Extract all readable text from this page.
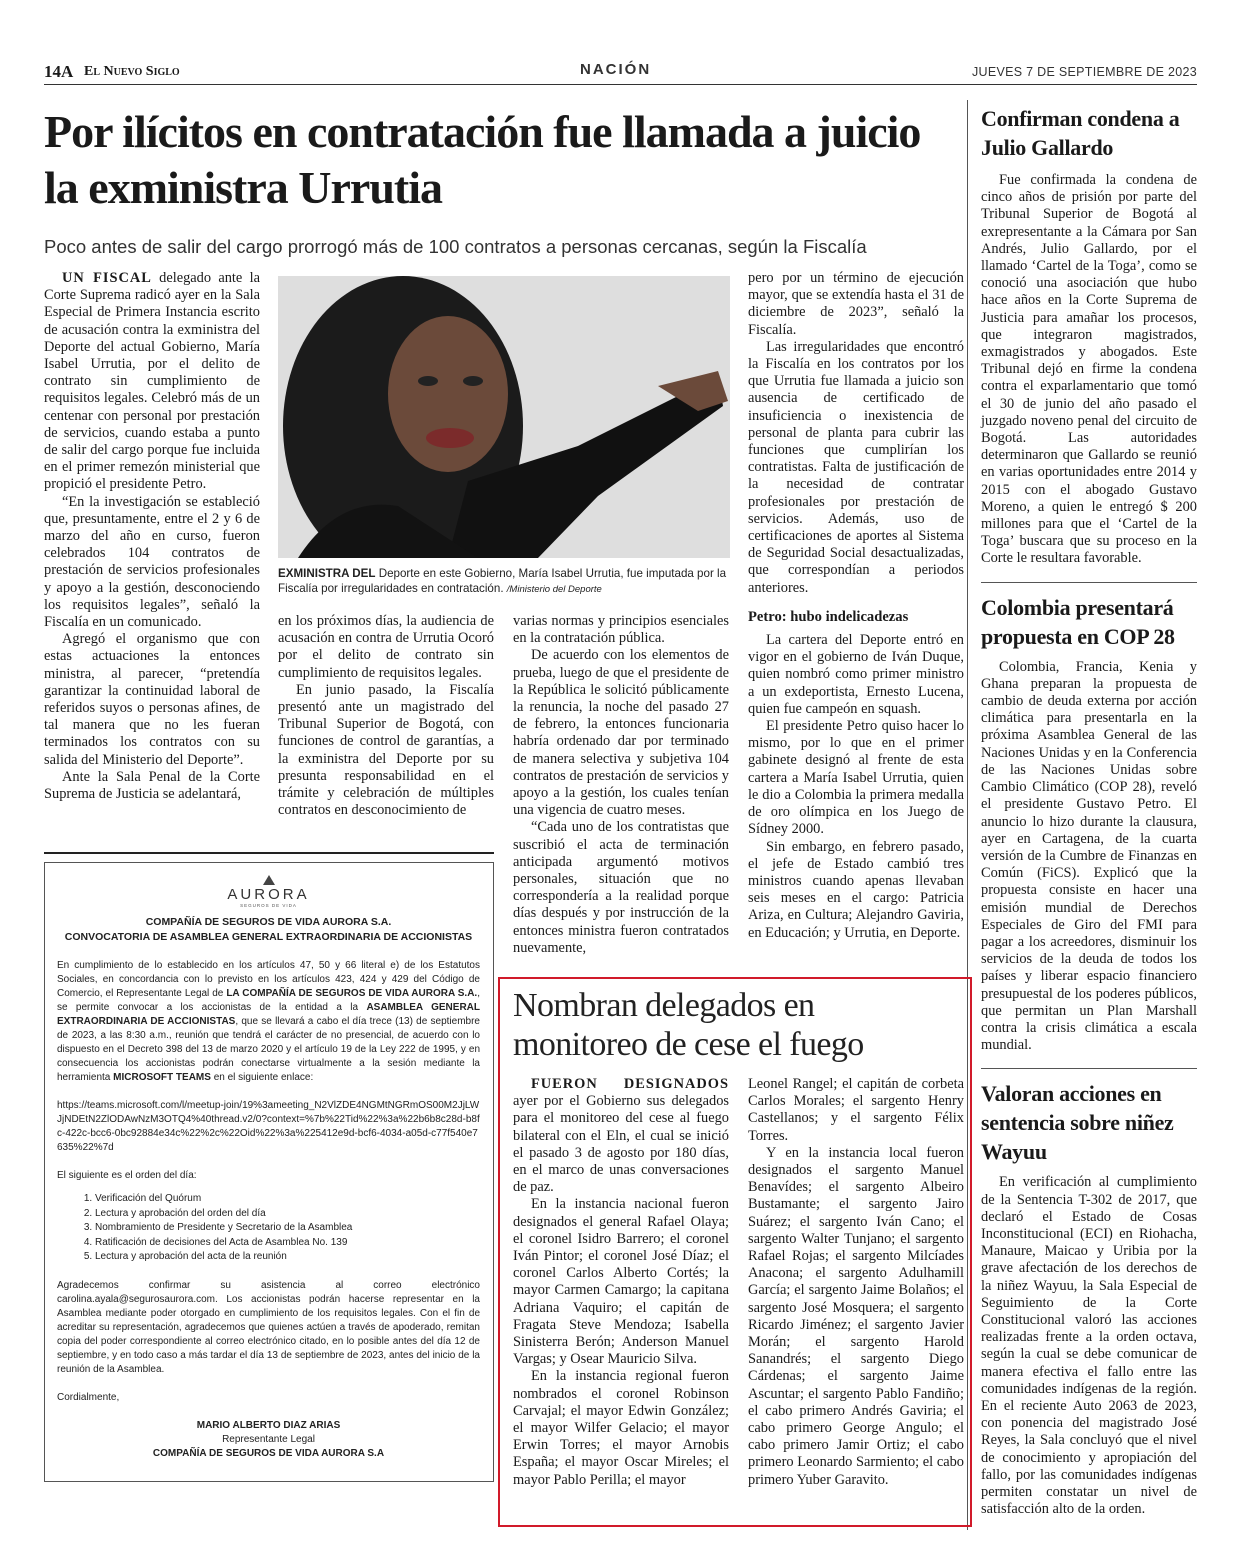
14A El Nuevo Siglo	NACIÓN	JUEVES 7 DE SEPTIEMBRE DE 2023
Por ilícitos en contratación fue llamada a juicio la exministra Urrutia
Poco antes de salir del cargo prorrogó más de 100 contratos a personas cercanas, según la Fiscalía

UN FISCAL delegado ante la Corte Suprema radicó ayer en la Sala Especial de Primera Instancia escrito de acusación contra la exministra del Deporte del actual Gobierno, María Isabel Urrutia, por el delito de contrato sin cumplimiento de requisitos legales. Celebró más de un centenar con personal por prestación de servicios, cuando estaba a punto de salir del cargo porque fue incluida en el primer remezón ministerial que propició el presidente Petro.

“En la investigación se estableció que, presuntamente, entre el 2 y 6 de marzo del año en curso, fueron celebrados 104 contratos de prestación de servicios profesionales y apoyo a la gestión, desconociendo los requisitos legales”, señaló la Fiscalía en un comunicado.

Agregó el organismo que con estas actuaciones la entonces ministra, al parecer, “pretendía garantizar la continuidad laboral de referidos suyos o personas afines, de tal manera que no les fueran terminados los contratos con su salida del Ministerio del Deporte”.

Ante la Sala Penal de la Corte Suprema de Justicia se adelantará,

EXMINISTRA DEL Deporte en este Gobierno, María Isabel Urrutia, fue imputada por la Fiscalía por irregularidades en contratación. /Ministerio del Deporte

en los próximos días, la audiencia de acusación en contra de Urrutia Ocoró por el delito de contrato sin cumplimiento de requisitos legales.

En junio pasado, la Fiscalía presentó ante un magistrado del Tribunal Superior de Bogotá, con funciones de control de garantías, a la exministra del Deporte por su presunta responsabilidad en el trámite y celebración de múltiples contratos en desconocimiento de

varias normas y principios esenciales en la contratación pública.

De acuerdo con los elementos de prueba, luego de que el presidente de la República le solicitó públicamente la renuncia, la noche del pasado 27 de febrero, la entonces funcionaria habría ordenado dar por terminado de manera selectiva y subjetiva 104 contratos de prestación de servicios y apoyo a la gestión, los cuales tenían una vigencia de cuatro meses.

“Cada uno de los contratistas que suscribió el acta de terminación anticipada argumentó motivos personales, situación que no correspondería a la realidad porque días después y por instrucción de la entonces ministra fueron contratados nuevamente,

pero por un término de ejecución mayor, que se extendía hasta el 31 de diciembre de 2023”, señaló la Fiscalía.

Las irregularidades que encontró la Fiscalía en los contratos por los que Urrutia fue llamada a juicio son ausencia de certificado de insuficiencia o inexistencia de personal de planta para cubrir las funciones que cumplirían los contratistas. Falta de justificación de la necesidad de contratar profesionales por prestación de servicios. Además, uso de certificaciones de aportes al Sistema de Seguridad Social desactualizadas, que correspondían a periodos anteriores.

Petro: hubo indelicadezas

La cartera del Deporte entró en vigor en el gobierno de Iván Duque, quien nombró como primer ministro a un exdeportista, Ernesto Lucena, quien fue campeón en squash.

El presidente Petro quiso hacer lo mismo, por lo que en el primer gabinete designó al frente de esta cartera a María Isabel Urrutia, quien le dio a Colombia la primera medalla de oro olímpica en los Juego de Sídney 2000.

Sin embargo, en febrero pasado, el jefe de Estado cambió tres ministros cuando apenas llevaban seis meses en el cargo: Patricia Ariza, en Cultura; Alejandro Gaviria, en Educación; y Urrutia, en Deporte.

AURORA
SEGUROS DE VIDA
COMPAÑÍA DE SEGUROS DE VIDA AURORA S.A.
CONVOCATORIA DE ASAMBLEA GENERAL EXTRAORDINARIA DE ACCIONISTAS

En cumplimiento de lo establecido en los artículos 47, 50 y 66 literal e) de los Estatutos Sociales, en concordancia con lo previsto en los artículos 423, 424 y 429 del Código de Comercio, el Representante Legal de LA COMPAÑÍA DE SEGUROS DE VIDA AURORA S.A., se permite convocar a los accionistas de la entidad a la ASAMBLEA GENERAL EXTRAORDINARIA DE ACCIONISTAS, que se llevará a cabo el día trece (13) de septiembre de 2023, a las 8:30 a.m., reunión que tendrá el carácter de no presencial, de acuerdo con lo dispuesto en el Decreto 398 del 13 de marzo 2020 y el artículo 19 de la Ley 222 de 1995, y en consecuencia los accionistas podrán conectarse virtualmente a la sesión mediante la herramienta MICROSOFT TEAMS en el siguiente enlace:

https://teams.microsoft.com/l/meetup-join/19%3ameeting_N2VlZDE4NGMtNGRmOS00M2JjLWJjNDEtN2ZlODAwNzM3OTQ4%40thread.v2/0?context=%7b%22Tid%22%3a%22b6b8c28d-b8fc-422c-bcc6-0bc92884e34c%22%2c%22Oid%22%3a%225412e9d-bcf6-4034-a05d-c77f540e7635%22%7d

El siguiente es el orden del día:

1. Verificación del Quórum
2. Lectura y aprobación del orden del día
3. Nombramiento de Presidente y Secretario de la Asamblea
4. Ratificación de decisiones del Acta de Asamblea No. 139
5. Lectura y aprobación del acta de la reunión

Agradecemos confirmar su asistencia al correo electrónico carolina.ayala@segurosaurora.com. Los accionistas podrán hacerse representar en la Asamblea mediante poder otorgado en cumplimiento de los requisitos legales. Con el fin de acreditar su representación, agradecemos que quienes actúen a través de apoderado, remitan copia del poder correspondiente al correo electrónico citado, en lo posible antes del día 12 de septiembre, y en todo caso a más tardar el día 13 de septiembre de 2023, antes del inicio de la reunión de la Asamblea.

Cordialmente,

MARIO ALBERTO DIAZ ARIAS
Representante Legal
COMPAÑÍA DE SEGUROS DE VIDA AURORA S.A
Nombran delegados en monitoreo de cese el fuego

FUERON DESIGNADOS ayer por el Gobierno sus delegados para el monitoreo del cese al fuego bilateral con el Eln, el cual se inició el pasado 3 de agosto por 180 días, en el marco de unas conversaciones de paz.

En la instancia nacional fueron designados el general Rafael Olaya; el coronel Isidro Barrero; el coronel Iván Pintor; el coronel José Díaz; el coronel Carlos Alberto Cortés; la mayor Carmen Camargo; la capitana Adriana Vaquiro; el capitán de Fragata Steve Mendoza; Isabella Sinisterra Berón; Anderson Manuel Vargas; y Osear Mauricio Silva.

En la instancia regional fueron nombrados el coronel Robinson Carvajal; el mayor Edwin González; el mayor Wilfer Gelacio; el mayor Erwin Torres; el mayor Arnobis España; el mayor Oscar Mireles; el mayor Pablo Perilla; el mayor

Leonel Rangel; el capitán de corbeta Carlos Morales; el sargento Henry Castellanos; y el sargento Félix Torres.

Y en la instancia local fueron designados el sargento Manuel Benavídes; el sargento Albeiro Bustamante; el sargento Jairo Suárez; el sargento Iván Cano; el sargento Walter Tunjano; el sargento Rafael Rojas; el sargento Milcíades Anacona; el sargento Adulhamill García; el sargento Jaime Bolaños; el sargento José Mosquera; el sargento Ricardo Jiménez; el sargento Javier Morán; el sargento Harold Sanandrés; el sargento Diego Cárdenas; el sargento Jaime Ascuntar; el sargento Pablo Fandiño; el cabo primero Andrés Gaviria; el cabo primero George Angulo; el cabo primero Jamir Ortiz; el cabo primero Leonardo Sarmiento; el cabo primero Yuber Garavito.

Confirman condena a Julio Gallardo

Fue confirmada la condena de cinco años de prisión por parte del Tribunal Superior de Bogotá al exrepresentante a la Cámara por San Andrés, Julio Gallardo, por el llamado ‘Cartel de la Toga’, como se conoció una asociación que hubo hace años en la Corte Suprema de Justicia para amañar los procesos, que integraron magistrados, exmagistrados y abogados. Este Tribunal dejó en firme la condena contra el exparlamentario que tomó el 30 de junio del año pasado el juzgado noveno penal del circuito de Bogotá. Las autoridades determinaron que Gallardo se reunió en varias oportunidades entre 2014 y 2015 con el abogado Gustavo Moreno, a quien le entregó $ 200 millones para que el ‘Cartel de la Toga’ buscara que su proceso en la Corte le resultara favorable.

Colombia presentará propuesta en COP 28

Colombia, Francia, Kenia y Ghana preparan la propuesta de cambio de deuda externa por acción climática para presentarla en la próxima Asamblea General de las Naciones Unidas y en la Conferencia de las Naciones Unidas sobre Cambio Climático (COP 28), reveló el presidente Gustavo Petro. El anuncio lo hizo durante la clausura, ayer en Cartagena, de la cuarta versión de la Cumbre de Finanzas en Común (FiCS). Explicó que la propuesta consiste en hacer una emisión mundial de Derechos Especiales de Giro del FMI para pagar a los acreedores, disminuir los servicios de la deuda de todos los países y liberar espacio financiero presupuestal de los poderes públicos, que permitan un Plan Marshall contra la crisis climática a escala mundial.

Valoran acciones en sentencia sobre niñez Wayuu

En verificación al cumplimiento de la Sentencia T-302 de 2017, que declaró el Estado de Cosas Inconstitucional (ECI) en Riohacha, Manaure, Maicao y Uribia por la grave afectación de los derechos de la niñez Wayuu, la Sala Especial de Seguimiento de la Corte Constitucional valoró las acciones realizadas frente a la orden octava, según la cual se debe comunicar de manera efectiva el fallo entre las comunidades indígenas de la región. En el reciente Auto 2063 de 2023, con ponencia del magistrado José Reyes, la Sala concluyó que el nivel de conocimiento y apropiación del fallo, por las comunidades indígenas permiten constatar un nivel de satisfacción alto de la orden.
